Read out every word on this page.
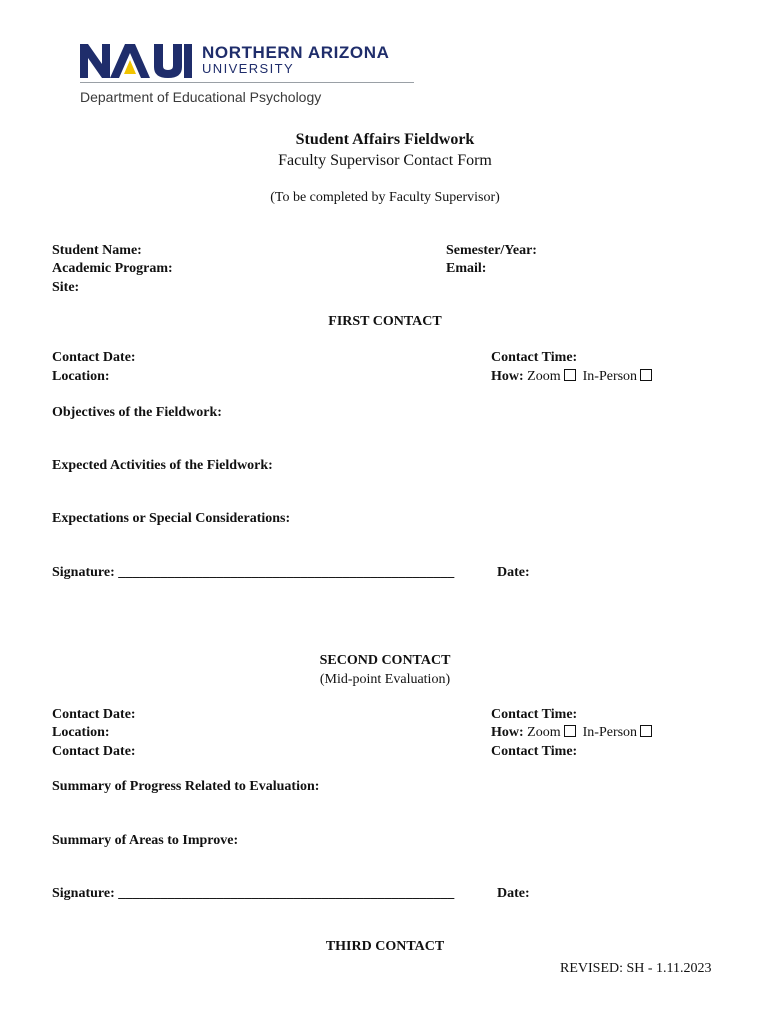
NORTHERN ARIZONA
UNIVERSITY
Department of Educational Psychology
Student Affairs Fieldwork
Faculty Supervisor Contact Form
(To be completed by Faculty Supervisor)
Student Name:
Academic Program:
Site:
Semester/Year:
Email:
FIRST CONTACT
Contact Date:
Location:
Contact Time:
How: Zoom In-Person
Objectives of the Fieldwork:
Expected Activities of the Fieldwork:
Expectations or Special Considerations:
Signature: ________________________________________________	Date:
SECOND CONTACT
(Mid-point Evaluation)
Contact Date:
Location:
Contact Date:
Contact Time:
How: Zoom In-Person
Contact Time:
Summary of Progress Related to Evaluation:
Summary of Areas to Improve:
Signature: ________________________________________________	Date:
THIRD CONTACT
REVISED: SH - 1.11.2023
